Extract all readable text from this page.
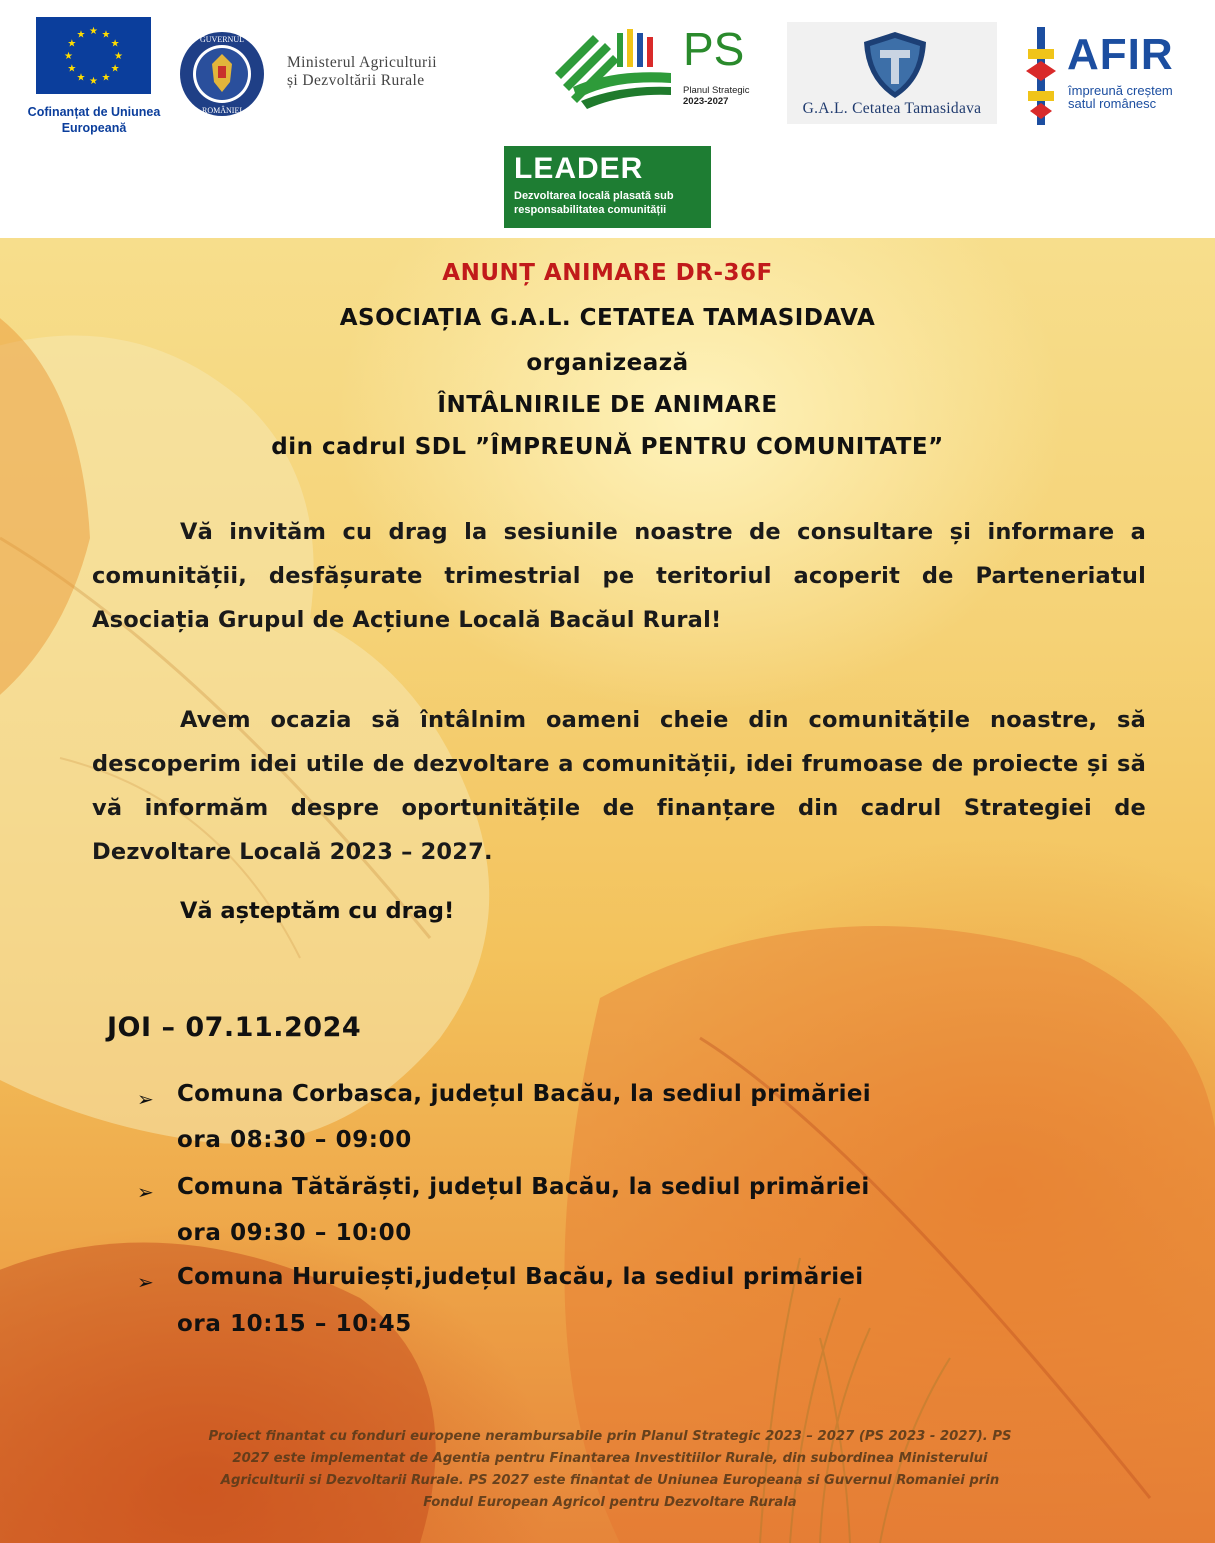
★ ★
★
★
★
★
★
★
★
★
★
★
Cofinanțat de Uniunea Europeană
GUVERNUL
ROMÂNIEI
Ministerul Agriculturii
și Dezvoltării Rurale
PS
Planul Strategic
2023-2027	G.A.L. Cetatea Tamasidava
AFIR
împreună creștem
satul românesc
LEADER
Dezvoltarea locală plasată sub responsabilitatea comunității
ANUNȚ ANIMARE DR-36F
ASOCIAȚIA G.A.L. CETATEA TAMASIDAVA
organizează
ÎNTÂLNIRILE DE ANIMARE
din cadrul SDL ”ÎMPREUNĂ PENTRU COMUNITATE”
Vă invităm cu drag la sesiunile noastre de consultare și informare a comunității, desfășurate trimestrial pe teritoriul acoperit de Parteneriatul Asociația Grupul de Acțiune Locală Bacăul Rural!
Avem ocazia să întâlnim oameni cheie din comunitățile noastre, să descoperim idei utile de dezvoltare a comunității, idei frumoase de proiecte și să vă informăm despre oportunitățile de finanțare din cadrul Strategiei de Dezvoltare Locală 2023 – 2027.
Vă așteptăm cu drag!
JOI – 07.11.2024
➢ Comuna Corbasca, județul Bacău, la sediul primăriei
ora 08:30 – 09:00
➢ Comuna Tătărăști, județul Bacău, la sediul primăriei
ora 09:30 – 10:00
➢ Comuna Huruiești,județul Bacău, la sediul primăriei
ora 10:15 – 10:45
Proiect finantat cu fonduri europene nerambursabile prin Planul Strategic 2023 – 2027 (PS 2023 - 2027). PS
2027 este implementat de Agentia pentru Finantarea Investitiilor Rurale, din subordinea Ministerului
Agriculturii si Dezvoltarii Rurale. PS 2027 este finantat de Uniunea Europeana si Guvernul Romaniei prin
Fondul European Agricol pentru Dezvoltare Rurala
